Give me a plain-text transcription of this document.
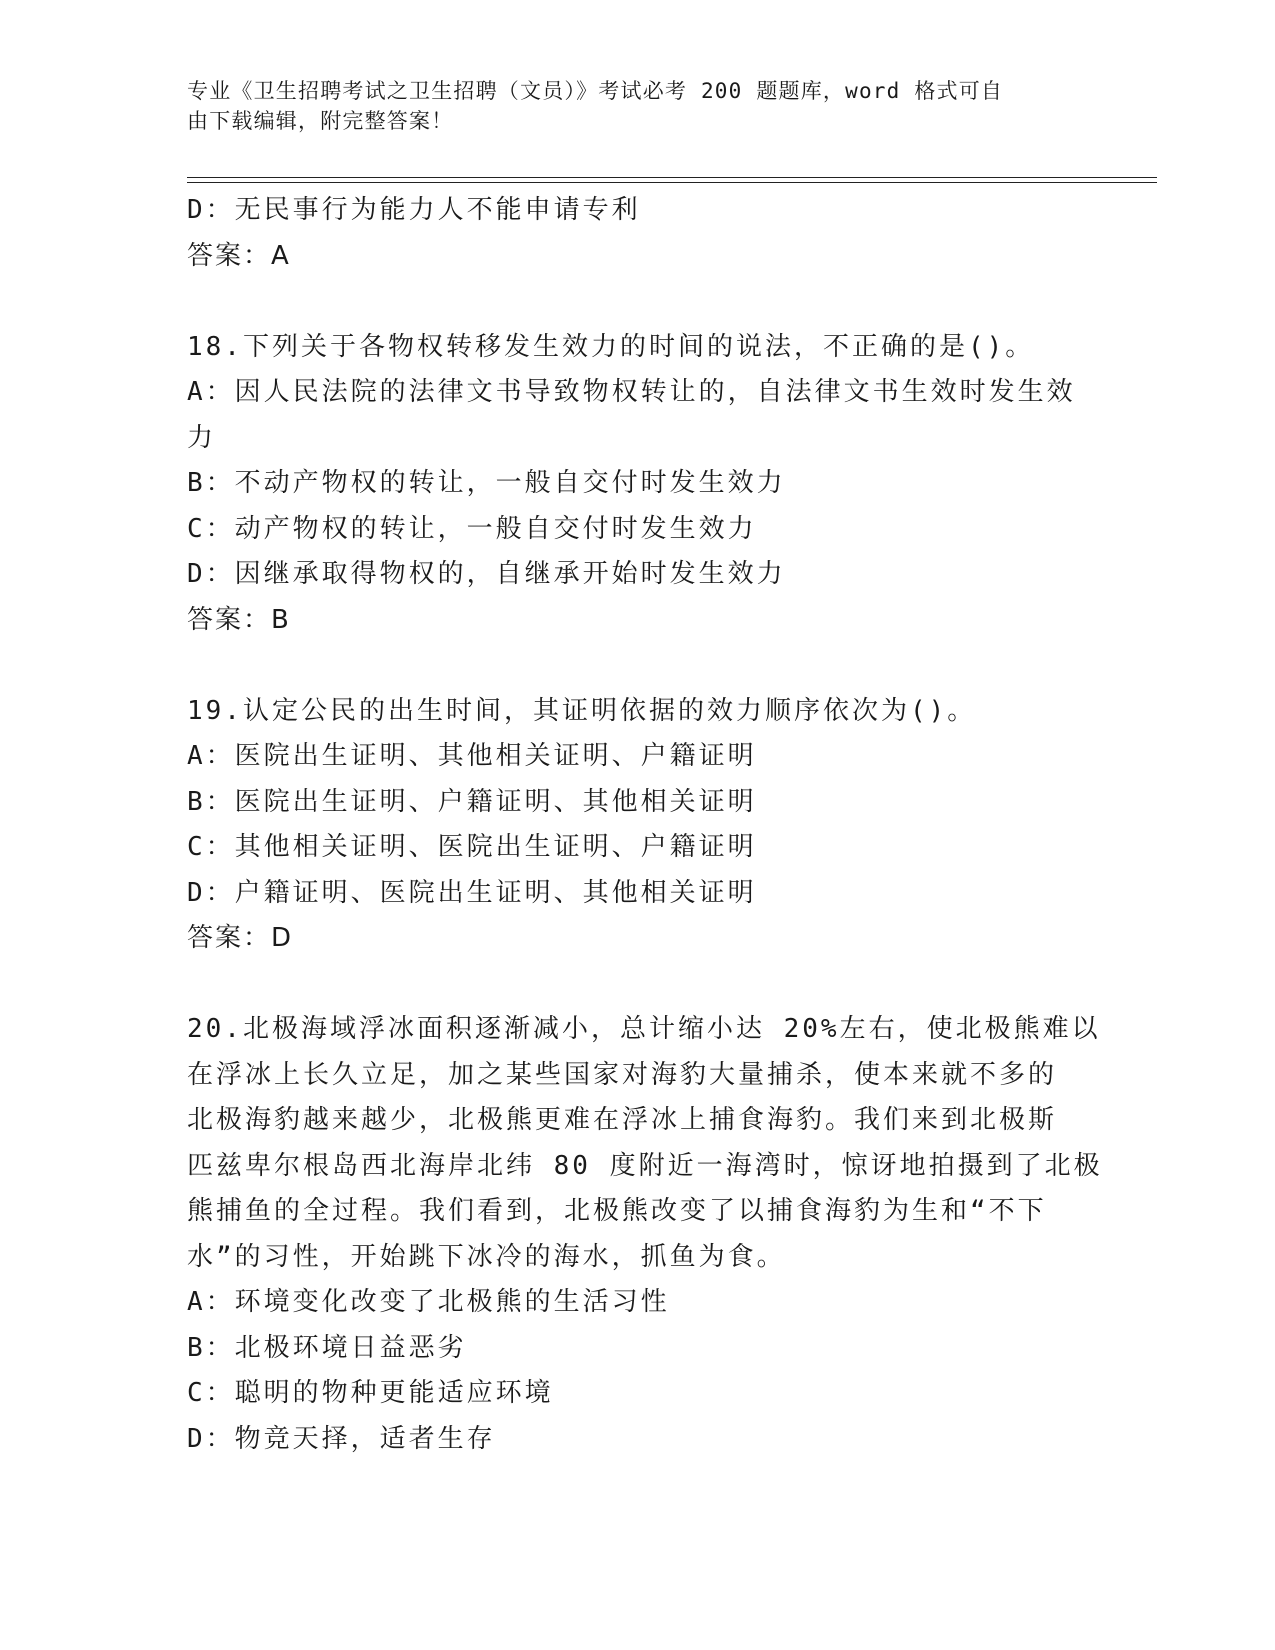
专业《卫生招聘考试之卫生招聘（文员）》考试必考 200 题题库，word 格式可自
由下载编辑，附完整答案！
D：无民事行为能力人不能申请专利
答案：A
18.下列关于各物权转移发生效力的时间的说法，不正确的是()。
A：因人民法院的法律文书导致物权转让的，自法律文书生效时发生效
力
B：不动产物权的转让，一般自交付时发生效力
C：动产物权的转让，一般自交付时发生效力
D：因继承取得物权的，自继承开始时发生效力
答案：B
19.认定公民的出生时间，其证明依据的效力顺序依次为()。
A：医院出生证明、其他相关证明、户籍证明
B：医院出生证明、户籍证明、其他相关证明
C：其他相关证明、医院出生证明、户籍证明
D：户籍证明、医院出生证明、其他相关证明
答案：D
20.北极海域浮冰面积逐渐减小，总计缩小达 20%左右，使北极熊难以
在浮冰上长久立足，加之某些国家对海豹大量捕杀，使本来就不多的
北极海豹越来越少，北极熊更难在浮冰上捕食海豹。我们来到北极斯
匹兹卑尔根岛西北海岸北纬 80 度附近一海湾时，惊讶地拍摄到了北极
熊捕鱼的全过程。我们看到，北极熊改变了以捕食海豹为生和“不下
水”的习性，开始跳下冰冷的海水，抓鱼为食。
A：环境变化改变了北极熊的生活习性
B：北极环境日益恶劣
C：聪明的物种更能适应环境
D：物竞天择，适者生存
